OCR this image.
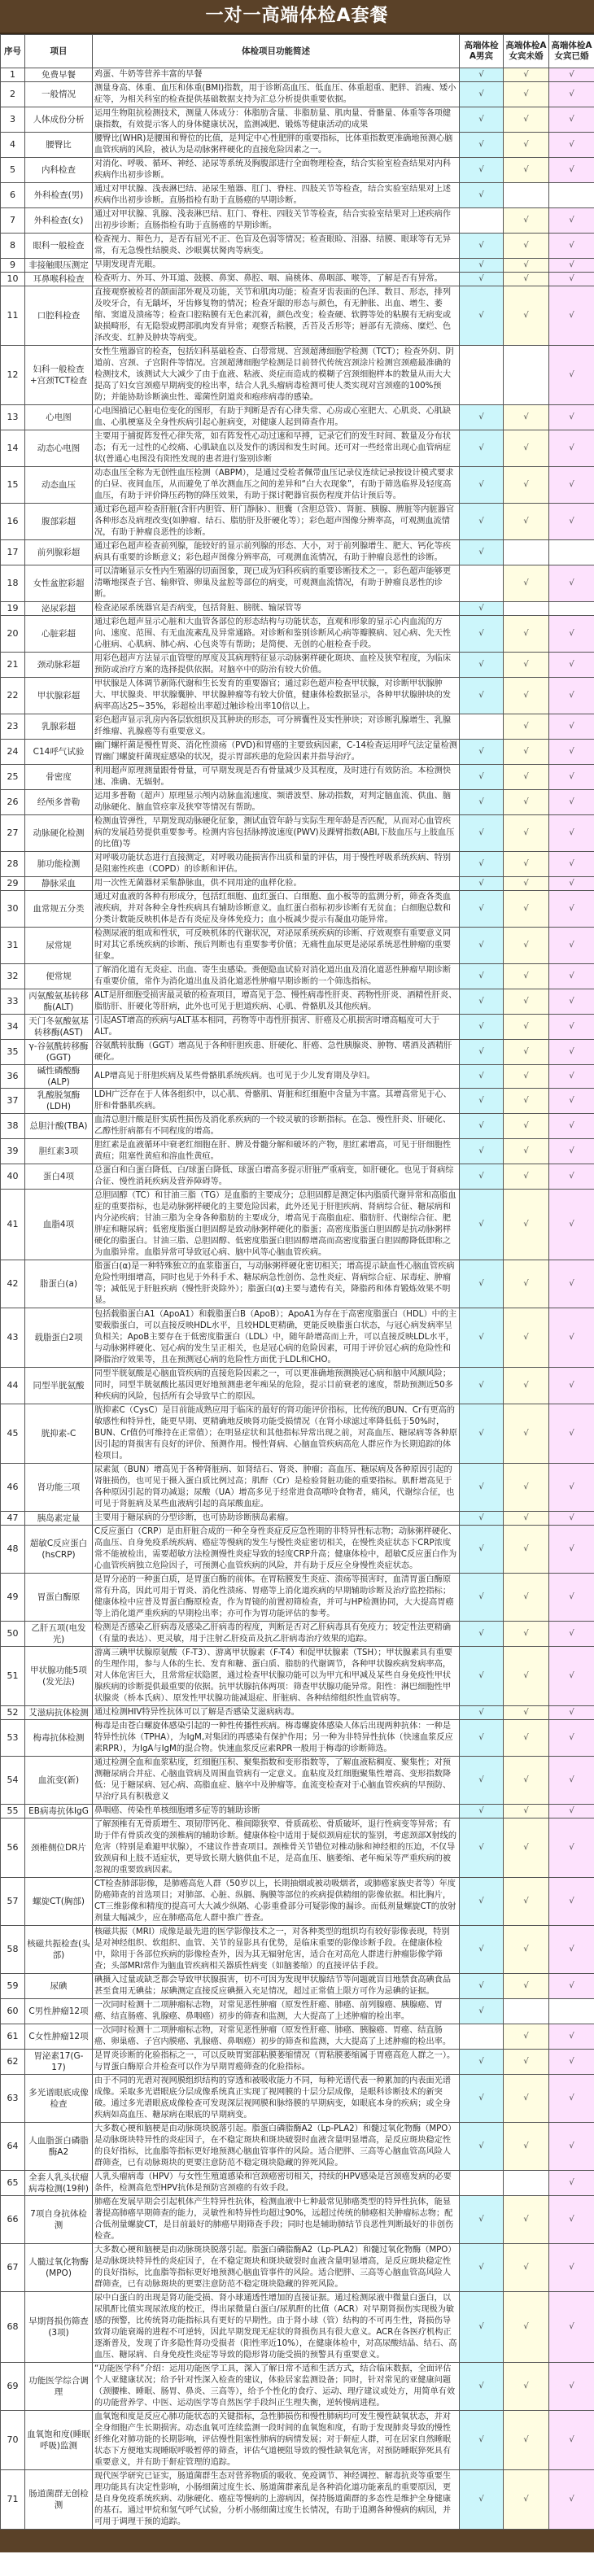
一对一高端体检A套餐
序号	项目	体检项目功能简述	高端体检A男宾	高端体检A女宾未婚	高端体检A女宾已婚
1	免费早餐	鸡蛋、牛奶等营养丰富的早餐	√	√	√
2	一般情况	测量身高、体重、血压和体重(BMI)指数，用于诊断高血压、低血压、体重超重、肥胖、消瘦、矮小症等，为相关科室的检查提供基础数据支持为汇总分析提供重要依据。	√	√	√
3	人体成份分析	运用生物阻抗检测技术，测量人体成分：体脂肪含量、非脂肪量、肌肉量、骨骼量、体重等各项健康指数，有效提示客人的身体健康状况，监测减肥、锻炼等健康活动的成果	√	√	√
4	腰臀比	腰臀比(WHR)是腰围和臀位的比值，是判定中心性肥胖的重要指标，比体重指数更准确地预测心脑血管疾病的风险，被认为是动脉粥样硬化的直接危险因素之一。	√	√	√
5	内科检查	对消化、呼吸、循环、神经、泌尿等系统及胸腹部进行全面物理检查，结合实验室检查结果对内科疾病作出初步诊断。	√	√	√
6	外科检查(男)	通过对甲状腺、浅表淋巴结、泌尿生殖器、肛门、脊柱、四肢关节等检查，结合实验室结果对上述疾病作出初步诊断。直肠指检有助于直肠癌的早期诊断。	√		
7	外科检查(女)	通过对甲状腺、乳腺、浅表淋巴结、肛门、脊柱、四肢关节等检查，结合实验室结果对上述疾病作出初步诊断；直肠指检有助于直肠癌的早期诊断。		√	√
8	眼科一般检查	检查视力、辩色力，是否有屈光不正、色盲及色弱等情况；检查眼睑、泪器、结膜、眼球等有无异常，有无急慢性结膜炎、沙眼翼状胬肉等病变。	√	√	√
9	非接触眼压测定	早期发现青光眼。	√	√	√
10	耳鼻喉科检查	检查听力、外耳、外耳道、鼓膜、鼻窦、鼻腔、咽、扁桃体、鼻咽部、喉等，了解是否有异常。	√	√	√
11	口腔科检查	直接观察被检者的颌面部外观及功能，关节和肌肉功能；检查牙齿表面的色泽、数目、形态，排列及咬牙合，有无龋坏，牙齿修复物的情况；检查牙龈的形态与颜色，有无肿胀、出血、增生、萎缩、窦道及溃疡等；检查口腔粘膜有无色素沉着，颜色改变；检查硬、软腭等处的粘膜有无病变或缺损畸形，有无隐裂或腭部肌肉发育异常；观察舌粘膜，舌苔及舌形等；唇部有无溃疡、糜烂、色泽改变、红肿及肿块等病变。	√	√	√
12	妇科一般检查+宫颈TCT检查	女性生殖器官的检查，包括妇科基础检查、白带常规、宫颈超薄细胞学检测（TCT）；检查外阴、阴道前、宫颈、子宫附件等情况。宫颈超薄细胞学检测是目前替代传统宫颈涂片检测宫颈癌最准确的检测技术，该测试大大减少了由于血液、粘液、炎症而造成的模糊子宫颈细胞样本的数量从而大大提高了妇女宫颈癌早期病变的检出率，结合人乳头瘤病毒检测可使人类实现对宫颈癌的100%预防；并能协助诊断滴虫性、霉菌性阴道炎和疱疹病毒的感染。			√
13	心电图	心电图描记心脏电位变化的图形，有助于判断是否有心律失常、心房或心室肥大、心肌炎、心肌缺血、心肌梗塞及全身性疾病引起心脏病变，对健康人起到筛查作用。	√	√	√
14	动态心电图	主要用于捕捉阵发性心律失常，如有阵发性心动过速和早搏，记录它们的发生时间、数量及分布状态；有无一过性的心绞痛、心肌缺血以及发作的诱因和发生时间。还可对一些经常出现心血管病症状(普通心电图没有阳性发现的患者进行鉴别诊断	√	√	√
15	动态血压	动态血压全称为无创性血压检测（ABPM），是通过受检者佩带血压记录仪连续记录按设计模式要求的白昼、夜间血压，从而避免了单次测血压之间的差异和“白大衣现象”，有助于筛选临界及轻度高血压，有助于评价降压药物的降压效果，有助于探讨靶器官损伤程度并估计预后等。	√	√	√
16	腹部彩超	通过彩色超声检查肝脏(含肝内胆管、肝门静脉）、胆囊（含胆总管）、肾脏、胰腺、脾脏等内脏器官各种形态及病理改变(如肿瘤、结石、脂肪肝及肝硬化等）；彩色超声图像分辨率高，可观测血流情况，有助于肿瘤良恶性的诊断。	√	√	√
17	前列腺彩超	通过彩色超声检查前列腺，能较好的显示前列腺的形态、大小，对于前列腺增生、肥大、钙化等疾病具有重要的诊断意义；彩色超声图像分辨率高，可观测血流情况，有助于肿瘤良恶性的诊断。	√		
18	女性盆腔彩超	可以清晰显示女性内生殖器的切面图象，现已成为妇科疾病的重要诊断技术之一。彩色超声能够更清晰地探查子宫、输卵管、卵巢及盆腔等部位的病变，可观测血流情况，有助于肿瘤良恶性的诊断。		√	√
19	泌尿彩超	检查泌尿系统器官是否病变，包括肾脏、膀胱、输尿管等	√		
20	心脏彩超	通过彩色超声显示心脏和大血管各部位的形态结构与功能状态，直观和形象的显示心内血流的方向、速度、范围、有无血流紊乱及异常通路。对诊断和鉴别诊断风心病等瓣膜病、冠心病、先天性心脏病、心肌病、肺心病、心包炎等有帮助；是简便、无创的心脏检查手段。	√	√	√
21	颈动脉彩超	用彩色超声方法显示血管壁的厚度及其病理特征显示动脉粥样硬化斑块、血栓及狭窄程度，为临床预防或治疗方案的选择提供依据。对脑卒中的防治有较大价值。	√	√	√
22	甲状腺彩超	甲状腺是人体调节新陈代谢和生长发育的重要器官；通过彩色超声检查甲状腺，对诊断甲状腺肿大、甲状腺炎、甲状腺囊肿、甲状腺肿瘤等有较大价值，健康体检数据显示，各种甲状腺肿块的发病率高达25~35%，彩超检出率超过触诊检出率10倍以上。	√	√	√
23	乳腺彩超	彩色超声显示乳房内各层软组织及其肿块的形态，可分辨囊性及实性肿块；对诊断乳腺增生、乳腺纤维瘤、乳腺癌等有重要意义。		√	√
24	C14呼气试验	幽门螺杆菌是慢性胃炎、消化性溃疡（PVD)和胃癌的主要致病因素，C-14检查运用呼气法定量检测胃幽门螺旋杆菌现症感染的状况，提示胃部疾患的危险因素并指导治疗。	√	√	√
25	骨密度	利用超声原理测量跟骨骨量，可早期发现是否有骨量减少及其程度，及时进行有效防治。本检测快速、准确、无辐射。	√	√	√
26	经颅多普勒	运用多普勒（超声）原理显示颅内动脉血流速度、频谱波型、脉动指数，对判定脑血流、供血、脑动脉硬化、脑血管痉挛及狭窄等情况有帮助。	√	√	√
27	动脉硬化检测	检测血管弹性，早期发现动脉硬化征象，测试血管年龄与实际生理年龄是否匹配，从而对心血管疾病的发展趋势提供重要参考。检测内容包括脉搏波速度(PWV)及踝臂指数(ABI,下肢血压与上肢血压的比值)等	√	√	√
28	肺功能检测	对呼吸功能状态进行直接测定，对呼吸功能损害作出质和量的评估，用于慢性呼吸系统疾病、特别是阻塞性疾患（COPD）的诊断和评估。	√	√	√
29	静脉采血	用一次性无菌器材采集静脉血，供不同用途的血样化验。	√	√	√
30	血常规五分类	通过对血液的各种有形成分，包括红细胞、血红蛋白、白细胞、血小板等的监测分析，筛查各类血液疾病，并对各种全身性疾病具有辅助诊断意义。血红蛋白指标初步诊断有无贫血；白细胞总数和分类计数能反映机体是否有炎症及身体免疫力；血小板减少提示有凝血功能异常。	√	√	√
31	尿常规	检测尿液的组成和性状，可反映机体的代谢状况，对泌尿系统疾病的诊断、疗效观察有重要意义同时对其它系统疾病的诊断、预后判断也有重要参考价值；无痛性血尿更是泌尿系统恶性肿瘤的重要征象。	√	√	√
32	便常规	了解消化道有无炎症、出血、寄生虫感染。粪便隐血试验对消化道出血及消化道恶性肿瘤早期诊断有重要价值，常作为消化道出血及消化道恶性肿瘤早期诊断的一个筛选指标。	√	√	√
33	丙氨酸氨基转移酶(ALT)	ALT是肝细胞受损害最灵敏的检查项目，增高见于急、慢性病毒性肝炎、药物性肝炎、酒精性肝炎、脂肪肝、肝硬化等肝病，此外也可见于胆道疾病、心肌、骨骼肌及其他疾病。	√	√	√
34	天门冬氨酸氨基转移酶(AST)	引起AST增高的疾病与ALT基本相同，药物等中毒性肝损害、肝癌及心肌损害时增高幅度可大于ALT。	√	√	√
35	γ-谷氨酰转移酶(GGT)	谷氨酰转肽酶（GGT）增高见于各种肝胆疾患、肝硬化、肝癌、急性胰腺炎、肿物、嗜酒及酒精肝硬化。	√	√	√
36	碱性磷酸酶(ALP)	ALP增高见于肝胆疾病及某些骨骼肌系统疾病。也可见于少儿发育期及孕妇。	√	√	√
37	乳酸脱氢酶(LDH)	LDH广泛存在于人体各组织中，以心肌、骨骼肌、肾脏和红细胞中含量为丰富。其增高常见于心、肝和骨骼肌疾病。	√	√	√
38	总胆汁酸(TBA)	血清总胆汁酸是肝实质性损伤及消化系疾病的一个较灵敏的诊断指标。在急、慢性肝炎、肝硬化、乙醇性肝病都有不同程度的增高。	√	√	√
39	胆红素3项	胆红素是血液循环中衰老红细胞在肝、脾及骨髓分解和破坏的产物，胆红素增高，可见于肝细胞性黄疸；阻塞性黄疸和溶血性黄疸。	√	√	√
40	蛋白4项	总蛋白和白蛋白降低、白/球蛋白降低、球蛋白增高多提示肝脏严重病变，如肝硬化。也见于肾病综合征、慢性消耗疾病及营养障碍等。	√	√	√
41	血脂4项	总胆固醇（TC）和甘油三脂（TG）是血脂的主要成分；总胆固醇是测定体内脂质代谢异常和高脂血症的重要指标，也是动脉粥样硬化的主要危险因素，此外还见于肝胆疾病、肾病综合征、糖尿病和内分泌疾病；甘油三脂为全身各种脂肪的主要成分，增高见于高脂血症、脂肪肝、代谢综合征、肥胖症和糖尿病；低密度脂蛋白胆固醇是致动脉粥样硬化的脂蛋；高密度脂蛋白胆固醇是抗动脉粥样硬化的脂蛋白。甘油三脂、总胆固醇、低密度脂蛋白胆固醇增高而高密度脂蛋白胆固醇降低即称之为血脂异常。血脂异常可导致冠心病、脑中风等心脑血管疾病。	√	√	√
42	脂蛋白(a)	脂蛋白(α)是一种特殊独立的血浆脂蛋白，与动脉粥样硬化密切相关；增高提示缺血性心脑血管疾病危险性明细增高，同时也见于外科手术、糖尿病急性创伤、急性炎症、肾病综合症、尿毒症、肿瘤等；减低见于肝脏疾病（慢性肝炎除外）；脂蛋白(α)主要与遗传有关，降脂药和体育锻炼效果不明显。	√	√	√
43	载脂蛋白2项	包括载脂蛋白A1（ApoA1）和载脂蛋白B（ApoB）；ApoA1为存在于高密度脂蛋白（HDL）中的主要载脂蛋白，可以直接反映HDL水平，且较HDL更精确，更能反映脂蛋白状态，与冠心病发病率呈负相关；ApoB主要存在于低密度脂蛋白（LDL）中，随年龄增高而上升，可以直接反映LDL水平，与动脉粥样硬化、冠心病的发生呈正相关，也是冠心病的危险因素，可用于评价冠心病的危险性和降脂治疗效果等，且在预测冠心病的危险性方面优于LDL和CHO。	√	√	√
44	同型半胱氨酸	同型半胱氨酸是心脑血管疾病的直接危险因素之一，可以更准确地预测换冠心病和脑中风额风险；同时，同型半胱氨酸比基因更好地预测患老年痴呆的危险，提示目前衰老的速度，帮助预测近50多种疾病的风险，包括所有会导致早亡的原因。	√	√	√
45	胱抑素-C	胱抑素C（CysC）是目前能成熟应用于临床的最好的肾功能评价指标，比传统的BUN、Cr有更高的敏感性和特异性，能更早期、更精确地反映肾功能受损情况（在肾小球滤过率降低低于50%时，BUN、Cr值仍可维持在正常值）；在明显症状和其他指标异常出现之前，对高血压、糖尿病等各种原因引起的肾损害有良好的评价、预测作用。慢性肾病、心脑血管疾病高危人群应作为长期追踪的体检项目。	√	√	√
46	肾功能三项	尿素氮（BUN）增高见于各种肾脏病、如肾结石、肾炎、肿瘤；高血压、糖尿病及各种原因引起的肾脏损伤，也可见于摄入蛋白质比例过高；肌酐（Cr）是检验肾脏功能的重要指标。肌酐增高见于各种原因引起的肾功减退；尿酸（UA）增高多见于经常进食高嘌呤食物者，痛风，代谢综合征，也可见于肾脏病及某些血液病引起的高尿酸血症。	√	√	√
47	胰岛素定量	主要用于糖尿病的分型诊断，也可协助诊断胰岛素瘤。	√	√	√
48	超敏C反应蛋白(hsCRP)	C反应蛋白（CRP）是由肝脏合成的一种全身性炎症反应急性期的非特异性标志物；动脉粥样硬化、高血压、自身免疫系统疾病、癌症等慢病的发生与慢性炎症密切相关，在慢性炎症状态下CRP浓度常不能被检出，需要超敏方法检测慢性炎症导致的轻度CRP升高；健康体检中，超敏C反应蛋白作为心血管疾病独立危险因子，可预测心血管疾病的风险，并有助于反应全身慢性炎症状态。	√	√	√
49	胃蛋白酶原	是胃分泌的一种蛋白质，是胃蛋白酶的前体。在胃粘膜发生炎症、溃疡等损害时，血清胃蛋白酶原常有升高，因此可用于胃炎、消化性溃疡、胃癌等上消化道疾病的早期辅助诊断及治疗监控指标；健康体检中应普及胃蛋白酶原检查，作为胃镜的前置初筛检查，并可与HP检测协同，大大提高胃癌等上消化道严重疾病的早期检出率；亦可作为胃功能评估的参考。	√	√	√
50	乙肝五项(电发光)	检测是否感染乙肝病毒及感染乙肝病毒的程度，判断是否对乙肝病毒具有免疫力；较定性法更精确（有量的表达）、更灵敏，用于注射乙肝疫苗及抗乙肝病毒治疗效果的追踪。	√	√	√
51	甲状腺功能5项(发光法)	游离三碘甲状腺原氨酸（F-T3）、游离甲状腺素（F-T4）和促甲状腺素（TSH）；甲状腺素具有重要的生理作用，参与人体的生长、发育和糖、蛋白质、脂肪的代谢调节，各种甲状腺疾病发病率高，对人体危害巨大，且常常症状隐匿，通过检查甲状腺功能可以为甲亢和甲减及某些自身免疫性甲状腺疾病的诊断提供最重要的依据。抗甲状腺抗体两项：筛查甲状腺功能异常。阳性：淋巴细胞性甲状腺炎（桥本氏病）、原发性甲状腺功能减退症、肝脏病、各种结缔组织性血管病等。	√	√	√
52	艾滋病抗体检测	通过检测HIV特异性抗体可以了解是否感染艾滋病病毒。	√	√	√
53	梅毒抗体检测	梅毒是由苍白螺旋体感染引起的一种性传播性疾病。梅毒螺旋体感染人体后出现两种抗体：一种是特异性抗体（TPHA），为IgM,对集团的再感染有保护作用；另一种为非特异性抗体（快速血浆反应素RPR），为IgA与IgM的混合物。快速血浆反应素RPR一般用于梅毒的诊断筛选。	√	√	√
54	血流变(新)	通过检测全血和血浆粘度，红细胞压积、聚集指数和变形指数等，了解血液粘稠度、聚集性；对预测糖尿病合并症、心脑血管病及周围血管病有一定意义。血粘度及红细胞聚集性增高、变形指数降低：见于糖尿病、冠心病、高脂血症、脑卒中及肿瘤等。血流变检查对于心脑血管疾病的早预防、早治疗具有积极意义	√	√	√
55	EB病毒抗体IgG	鼻咽癌、传染性单核细胞增多症等的辅助诊断	√	√	√
56	颈椎侧位DR片	了解颈椎有无骨质增生、项韧带钙化、椎间隙狭窄、骨质疏松、骨质破坏，退行性病变等异常；有助于伴有骨质改变的颈椎病的辅助诊断。健康体检中适用于疑似颈肩症状的鉴别，考虑颈部X射线的危害（特别是难避甲状腺），不建议作普查项目。颈椎骨关节错位对椎动脉和神经根的压迫，不仅导致颈肩和上肢不适症状，更导致长期大脑供血不足，是高血压、脑萎缩、老年痴呆等严重疾病的被忽视的重要致病因素。	√	√	√
57	螺旋CT(胸部)	CT检查肺部影像，是肺癌高危人群（50岁以上，长期抽烟或被动吸烟者，或肺癌家族史者等）年度防癌筛查的首选项目；对肺部、心脏、纵膈、胸膜等部位的疾病提供精细的影像依据。相比胸片，CT三维影像和精度的提高可大大减少纵隔、心影重叠部分可疑影像的漏诊。而低剂量螺旋CT的放射剂量大幅减少，应在肺癌高危人群中推广普查。	√	√	√
58	核磁共振检查(头部)	核磁共振（MRI）成像是最先进的医学影像技术之一，对各种类型的组织均有较好影像表现，特别是对神经组织、软组织、血管、关节的显影具有优势，是临床重要的影像诊断手段。在健康体检中，除用于各部位疾病的影像检查外，因为其无辐射危害，适合在对高危人群进行肿瘤影像学筛查；头部MRI常作为脑血管疾病相关器质性病变（如脑萎缩）的直接评估手段。	√	√	√
59	尿碘	碘摄入过量或缺乏都会导致甲状腺损害，切不可因为发现甲状腺结节等问题就盲目地禁食高碘食品甚至食用无碘盐；尿碘测定直接反应碘摄入充足情况，超过正常值上限方可作为忌碘的证据。	√	√	√
60	C男性肿瘤12项	一次同时检测十二项肿瘤标志物，对常见恶性肿瘤（原发性肝癌、肺癌、前列腺癌、胰腺癌、胃癌、结直肠癌、乳腺癌、鼻咽癌）初步的筛查和监测，大大提高了上述肿瘤的检出率。	√		
61	C女性肿瘤12项	一次同时检测十二项肿瘤标志物，对常见恶性肿瘤（原发性肝癌、肺癌、胰腺癌、胃癌、结直肠癌、卵巢癌、子宫内膜癌、乳腺癌、鼻咽癌）初步的筛查和监测，大大提高了上述肿瘤的检出率。		√	√
62	胃泌素17(G-17)	是胃炎诊断的化验指标之一，可以反映胃窦部粘膜萎缩情况（胃粘膜萎缩属于胃癌高危人群之一）。与胃蛋白酶原合并检查可以作为早期胃癌筛查的化验指标。	√	√	√
63	多光谱眼底成像检查	由于不同的光谱对视网膜组织结构的穿透和被吸收能力不同，每种光谱代表一种累加的内表面光谱成像。采取多光谱眼底分层成像系统真正实现了视网膜的十层分层成像，是眼科诊断技术的新突破。通过多光谱眼底成像检查可发现深层视网膜和脉络膜的早期病变，如眼底本身的疾病；或全身疾病如高血压、糖尿病在眼底的早期病变。	√	√	√
64	人血脂蛋白磷脂酶A2	大多数心梗和脑梗是由动脉斑块脱落引起。脂蛋白磷脂酶A2（Lp-PLA2）和髓过氧化物酶（MPO）是动脉斑块特异性的炎症因子，在不稳定斑块和斑块破裂时血液含量明显增高，是反应斑块稳定性的良好指标，比血脂等指标更好地预测心脑血管事件的风险。适合肥胖、三高等心脑血管高风险人群筛查，已有动脉斑块的更要注意防范不稳定斑块隐藏的猝死风险。	√	√	√
65	全套人乳头状瘤病毒检测(19种)	人乳头瘤病毒（HPV）与女性生殖道感染和宫颈癌密切相关，持续的HPV感染是宫颈癌发病的必要条件，检测高危型HPV抗体是预防宫颈癌的有效手段。			√
66	7项自身抗体检测	肺癌在发展早期会引起机体产生特异性抗体，检测血液中七种最常见肺癌类型的特异性抗体，能显著提高肺癌早期筛查的能力，灵敏性和特异性均超过90%，远超过传统的肺癌相关肿瘤标志物；配合低剂量螺旋CT，是目前最好的肺癌早期筛查手段；同时也是辅助肺结节良恶性判断最好的非创伤检查。	√	√	√
67	人髓过氧化物酶(MPO)	大多数心梗和脑梗是由动脉斑块脱落引起。脂蛋白磷脂酶A2（Lp-PLA2）和髓过氧化物酶（MPO）是动脉斑块特异性的炎症因子，在不稳定斑块和斑块破裂时血液含量明显增高，是反应斑块稳定性的良好指标，比血脂等指标更好地预测心脑血管事件的风险。适合肥胖、三高等心脑血管高风险人群筛查，已有动脉斑块的更要注意防范不稳定斑块隐藏的猝死风险。	√	√	√
68	早期肾损伤筛查(3项)	尿中白蛋白的出现是肾功能受损、肾小球通透性增加的直接证据。通过检测尿液中微量白蛋白，以尿肌酐比值实现尿浓度的校正，得出尿微量白蛋白/尿肌酐的比值（ACR）对早期肾损伤实现极为敏感的预警，比传统肾功能指标具有更好的早期性。由于肾小球（管）结构的不可再生性，肾损伤导致肾功能衰竭的进程不可逆转，因此早期发现无症状的肾损伤具有很大意义。ACR在各医疗机构正逐渐普及，发现了许多隐性肾功受损者（阳性率近10%），在健康体检中，对高尿酸结晶、结石、高血压、糖尿病、自身免疫性炎症等导致的隐形肾功能受损的预警具有重要意义。	√	√	√
69	功能医学综合调理	“功能医学科”介绍：运用功能医学工具，深入了解日常不适和生活方式，结合临床数据，全面评估个人亚健康状况；给予针对性深入检查的建议，体验居家监测设备；同时，针对常见的亚健康问题（颈腰椎、睡眠、肠胃、鼻炎、三高等），给予个性化的食疗、运动、理疗建议或处方，用简单有效的功能营养学、中医、运动医学等自然医学手段纠正生理失衡，逆转慢病进程。	√	√	√
70	血氧饱和度(睡眠呼吸)监测	血氧饱和度是反应心肺功能状态的关键指标，急性肺损伤和慢性肺病均可发生慢性缺氧状态，并对全身细胞产生长期损害。动态血氧可连续监测一段时间的血氧饱和度，有助于发现肺炎导致的慢性纤维化对肺功能的长期影响，评估慢性阻塞性肺病的病情发展；对于鼾症人群，可在居家自然睡眠状态下方便地实现睡眠呼吸暂停的筛查，评估气道梗阻导致的慢性缺氧危害，对预防睡眠猝死具有重要意义，并有助于鼾症管理的追踪。	√	√	√
71	肠道菌群无创检测	现代医学研究已证实，肠道菌群生态对营养物质的吸收、免疫调节、神经调控、解毒抗炎等重要生理功能具有决定性影响，小肠细菌过度生长、肠道菌群紊乱是各种消化道功能紊乱的重要原因，更是自身免疫系统疾病、动脉硬化、癌症等慢病的上游病因，保持肠道菌群的多态性是维护全身健康的基石。通过甲烷和氢气呼气试验，分析小肠细菌过度生长情况，有助于追溯各种慢病的病因，并可用于调理干预的追踪。	√	√	√
